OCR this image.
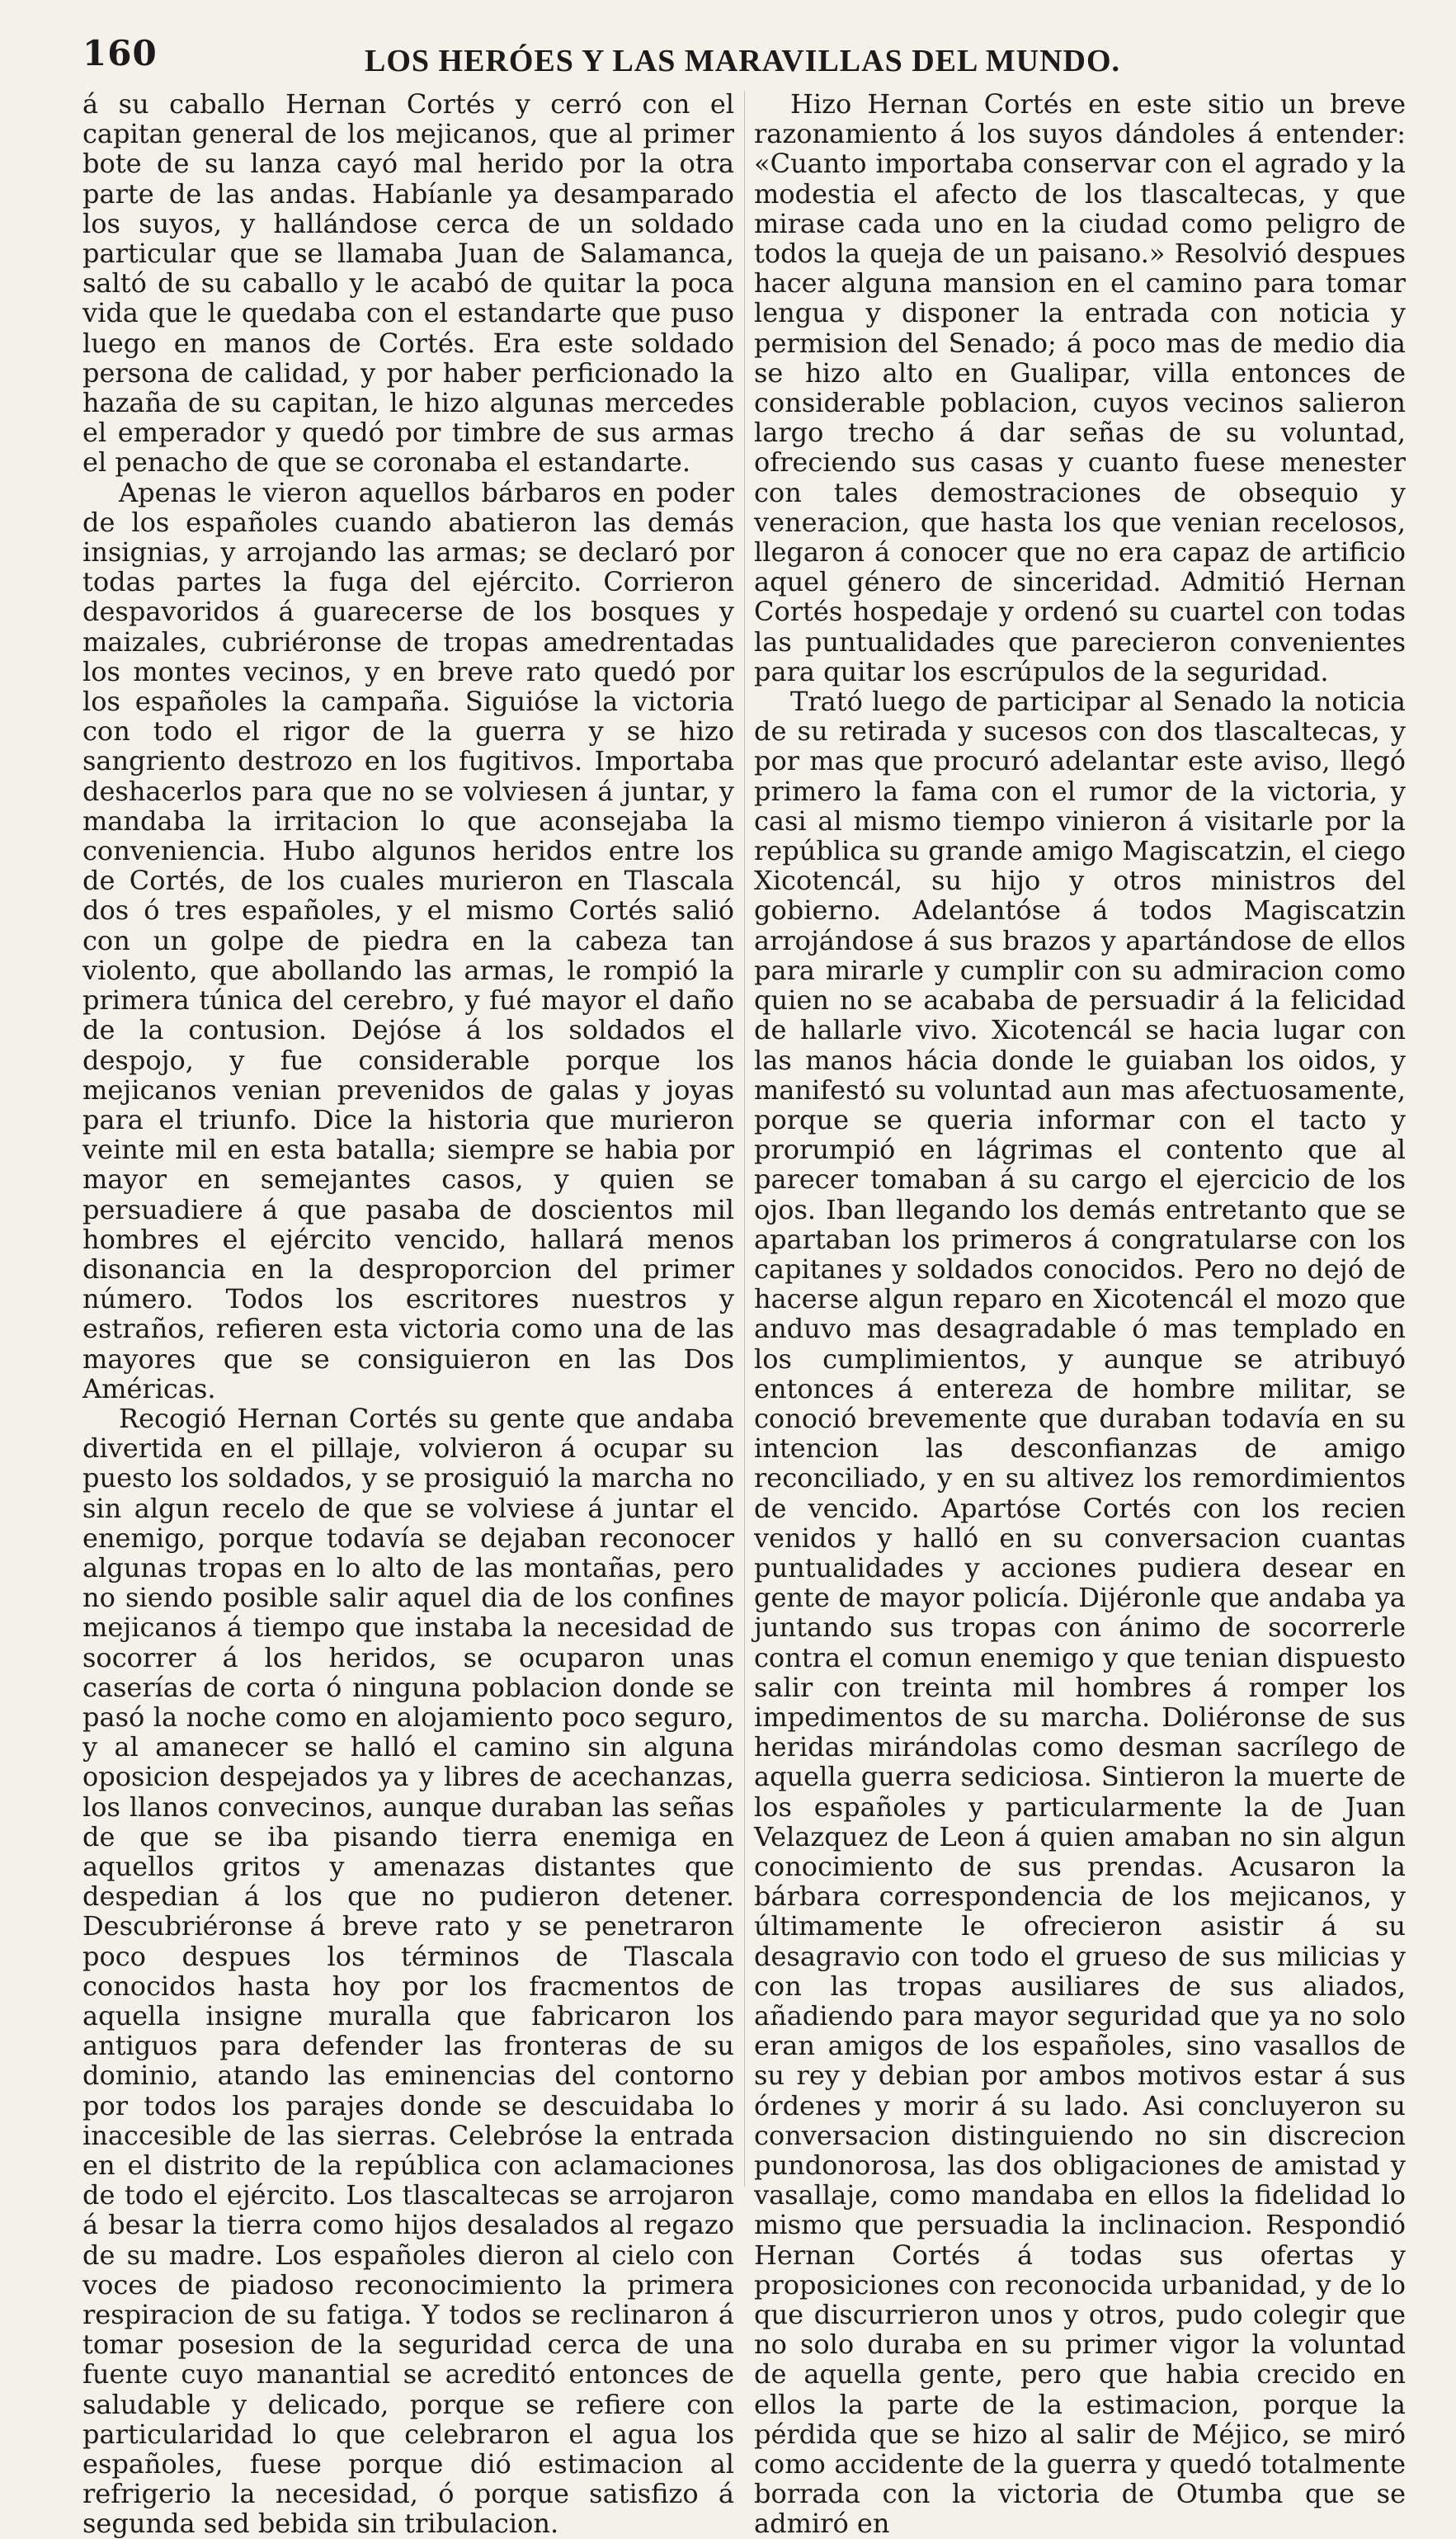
160	LOS HERÓES Y LAS MARAVILLAS DEL MUNDO.

á su caballo Hernan Cortés y cerró con el capitan general de los mejicanos, que al primer bote de su lanza cayó mal herido por la otra parte de las andas. Habíanle ya desamparado los suyos, y hallándose cerca de un soldado particular que se llamaba Juan de Salamanca, saltó de su caballo y le acabó de quitar la poca vida que le quedaba con el estandarte que puso luego en manos de Cortés. Era este soldado persona de calidad, y por haber perficionado la hazaña de su capitan, le hizo algunas mercedes el emperador y quedó por timbre de sus armas el penacho de que se coronaba el estandarte.

Apenas le vieron aquellos bárbaros en poder de los españoles cuando abatieron las demás insignias, y arrojando las armas; se declaró por todas partes la fuga del ejército. Corrieron despavoridos á guarecerse de los bosques y maizales, cubriéronse de tropas amedrentadas los montes vecinos, y en breve rato quedó por los españoles la campaña. Siguióse la victoria con todo el rigor de la guerra y se hizo sangriento destrozo en los fugitivos. Importaba deshacerlos para que no se volviesen á juntar, y mandaba la irritacion lo que aconsejaba la conveniencia. Hubo algunos heridos entre los de Cortés, de los cuales murieron en Tlascala dos ó tres españoles, y el mismo Cortés salió con un golpe de piedra en la cabeza tan violento, que abollando las armas, le rompió la primera túnica del cerebro, y fué mayor el daño de la contusion. Dejóse á los soldados el despojo, y fue considerable porque los mejicanos venian prevenidos de galas y joyas para el triunfo. Dice la historia que murieron veinte mil en esta batalla; siempre se habia por mayor en semejantes casos, y quien se persuadiere á que pasaba de doscientos mil hombres el ejército vencido, hallará menos disonancia en la desproporcion del primer número. Todos los escritores nuestros y estraños, refieren esta victoria como una de las mayores que se consiguieron en las Dos Américas.

Recogió Hernan Cortés su gente que andaba divertida en el pillaje, volvieron á ocupar su puesto los soldados, y se prosiguió la marcha no sin algun recelo de que se volviese á juntar el enemigo, porque todavía se dejaban reconocer algunas tropas en lo alto de las montañas, pero no siendo posible salir aquel dia de los confines mejicanos á tiempo que instaba la necesidad de socorrer á los heridos, se ocuparon unas caserías de corta ó ninguna poblacion donde se pasó la noche como en alojamiento poco seguro, y al amanecer se halló el camino sin alguna oposicion despejados ya y libres de acechanzas, los llanos convecinos, aunque duraban las señas de que se iba pisando tierra enemiga en aquellos gritos y amenazas distantes que despedian á los que no pudieron detener. Descubriéronse á breve rato y se penetraron poco despues los términos de Tlascala conocidos hasta hoy por los fracmentos de aquella insigne muralla que fabricaron los antiguos para defender las fronteras de su dominio, atando las eminencias del contorno por todos los parajes donde se descuidaba lo inaccesible de las sierras. Celebróse la entrada en el distrito de la república con aclamaciones de todo el ejército. Los tlascaltecas se arrojaron á besar la tierra como hijos desalados al regazo de su madre. Los españoles dieron al cielo con voces de piadoso reconocimiento la primera respiracion de su fatiga. Y todos se reclinaron á tomar posesion de la seguridad cerca de una fuente cuyo manantial se acreditó entonces de saludable y delicado, porque se refiere con particularidad lo que celebraron el agua los españoles, fuese porque dió estimacion al refrigerio la necesidad, ó porque satisfizo á segunda sed bebida sin tribulacion.

Hizo Hernan Cortés en este sitio un breve razonamiento á los suyos dándoles á entender: «Cuanto importaba conservar con el agrado y la modestia el afecto de los tlascaltecas, y que mirase cada uno en la ciudad como peligro de todos la queja de un paisano.» Resolvió despues hacer alguna mansion en el camino para tomar lengua y disponer la entrada con noticia y permision del Senado; á poco mas de medio dia se hizo alto en Gualipar, villa entonces de considerable poblacion, cuyos vecinos salieron largo trecho á dar señas de su voluntad, ofreciendo sus casas y cuanto fuese menester con tales demostraciones de obsequio y veneracion, que hasta los que venian recelosos, llegaron á conocer que no era capaz de artificio aquel género de sinceridad. Admitió Hernan Cortés hospedaje y ordenó su cuartel con todas las puntualidades que parecieron convenientes para quitar los escrúpulos de la seguridad.

Trató luego de participar al Senado la noticia de su retirada y sucesos con dos tlascaltecas, y por mas que procuró adelantar este aviso, llegó primero la fama con el rumor de la victoria, y casi al mismo tiempo vinieron á visitarle por la república su grande amigo Magiscatzin, el ciego Xicotencál, su hijo y otros ministros del gobierno. Adelantóse á todos Magiscatzin arrojándose á sus brazos y apartándose de ellos para mirarle y cumplir con su admiracion como quien no se acababa de persuadir á la felicidad de hallarle vivo. Xicotencál se hacia lugar con las manos hácia donde le guiaban los oidos, y manifestó su voluntad aun mas afectuosamente, porque se queria informar con el tacto y prorumpió en lágrimas el contento que al parecer tomaban á su cargo el ejercicio de los ojos. Iban llegando los demás entretanto que se apartaban los primeros á congratularse con los capitanes y soldados conocidos. Pero no dejó de hacerse algun reparo en Xicotencál el mozo que anduvo mas desagradable ó mas templado en los cumplimientos, y aunque se atribuyó entonces á entereza de hombre militar, se conoció brevemente que duraban todavía en su intencion las desconfianzas de amigo reconciliado, y en su altivez los remordimientos de vencido. Apartóse Cortés con los recien venidos y halló en su conversacion cuantas puntualidades y acciones pudiera desear en gente de mayor policía. Dijéronle que andaba ya juntando sus tropas con ánimo de socorrerle contra el comun enemigo y que tenian dispuesto salir con treinta mil hombres á romper los impedimentos de su marcha. Doliéronse de sus heridas mirándolas como desman sacrílego de aquella guerra sediciosa. Sintieron la muerte de los españoles y particularmente la de Juan Velazquez de Leon á quien amaban no sin algun conocimiento de sus prendas. Acusaron la bárbara correspondencia de los mejicanos, y últimamente le ofrecieron asistir á su desagravio con todo el grueso de sus milicias y con las tropas ausiliares de sus aliados, añadiendo para mayor seguridad que ya no solo eran amigos de los españoles, sino vasallos de su rey y debian por ambos motivos estar á sus órdenes y morir á su lado. Asi concluyeron su conversacion distinguiendo no sin discrecion pundonorosa, las dos obligaciones de amistad y vasallaje, como mandaba en ellos la fidelidad lo mismo que persuadia la inclinacion. Respondió Hernan Cortés á todas sus ofertas y proposiciones con reconocida urbanidad, y de lo que discurrieron unos y otros, pudo colegir que no solo duraba en su primer vigor la voluntad de aquella gente, pero que habia crecido en ellos la parte de la estimacion, porque la pérdida que se hizo al salir de Méjico, se miró como accidente de la guerra y quedó totalmente borrada con la victoria de Otumba que se admiró en
